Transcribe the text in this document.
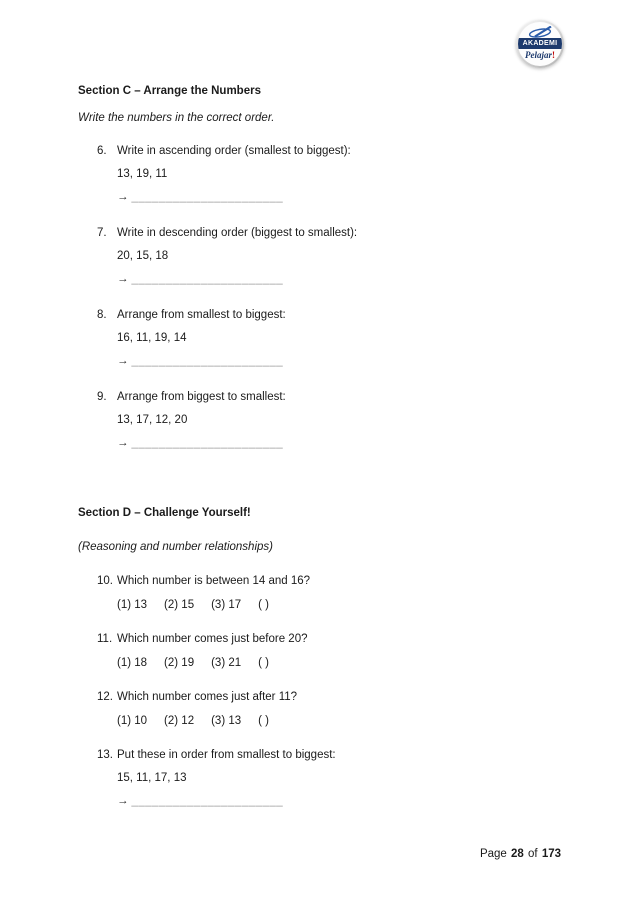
AKADEMI
Pelajar!
Section C – Arrange the Numbers
Write the numbers in the correct order.
6. Write in ascending order (smallest to biggest):
13, 19, 11
→ ______________________
7. Write in descending order (biggest to smallest):
20, 15, 18
→ ______________________
8. Arrange from smallest to biggest:
16, 11, 19, 14
→ ______________________
9. Arrange from biggest to smallest:
13, 17, 12, 20
→ ______________________
Section D – Challenge Yourself!
(Reasoning and number relationships)
10. Which number is between 14 and 16?
(1) 13 (2) 15 (3) 17 ( )
11. Which number comes just before 20?
(1) 18 (2) 19 (3) 21 ( )
12. Which number comes just after 11?
(1) 10 (2) 12 (3) 13 ( )
13. Put these in order from smallest to biggest:
15, 11, 17, 13
→ ______________________
Page 28 of 173
